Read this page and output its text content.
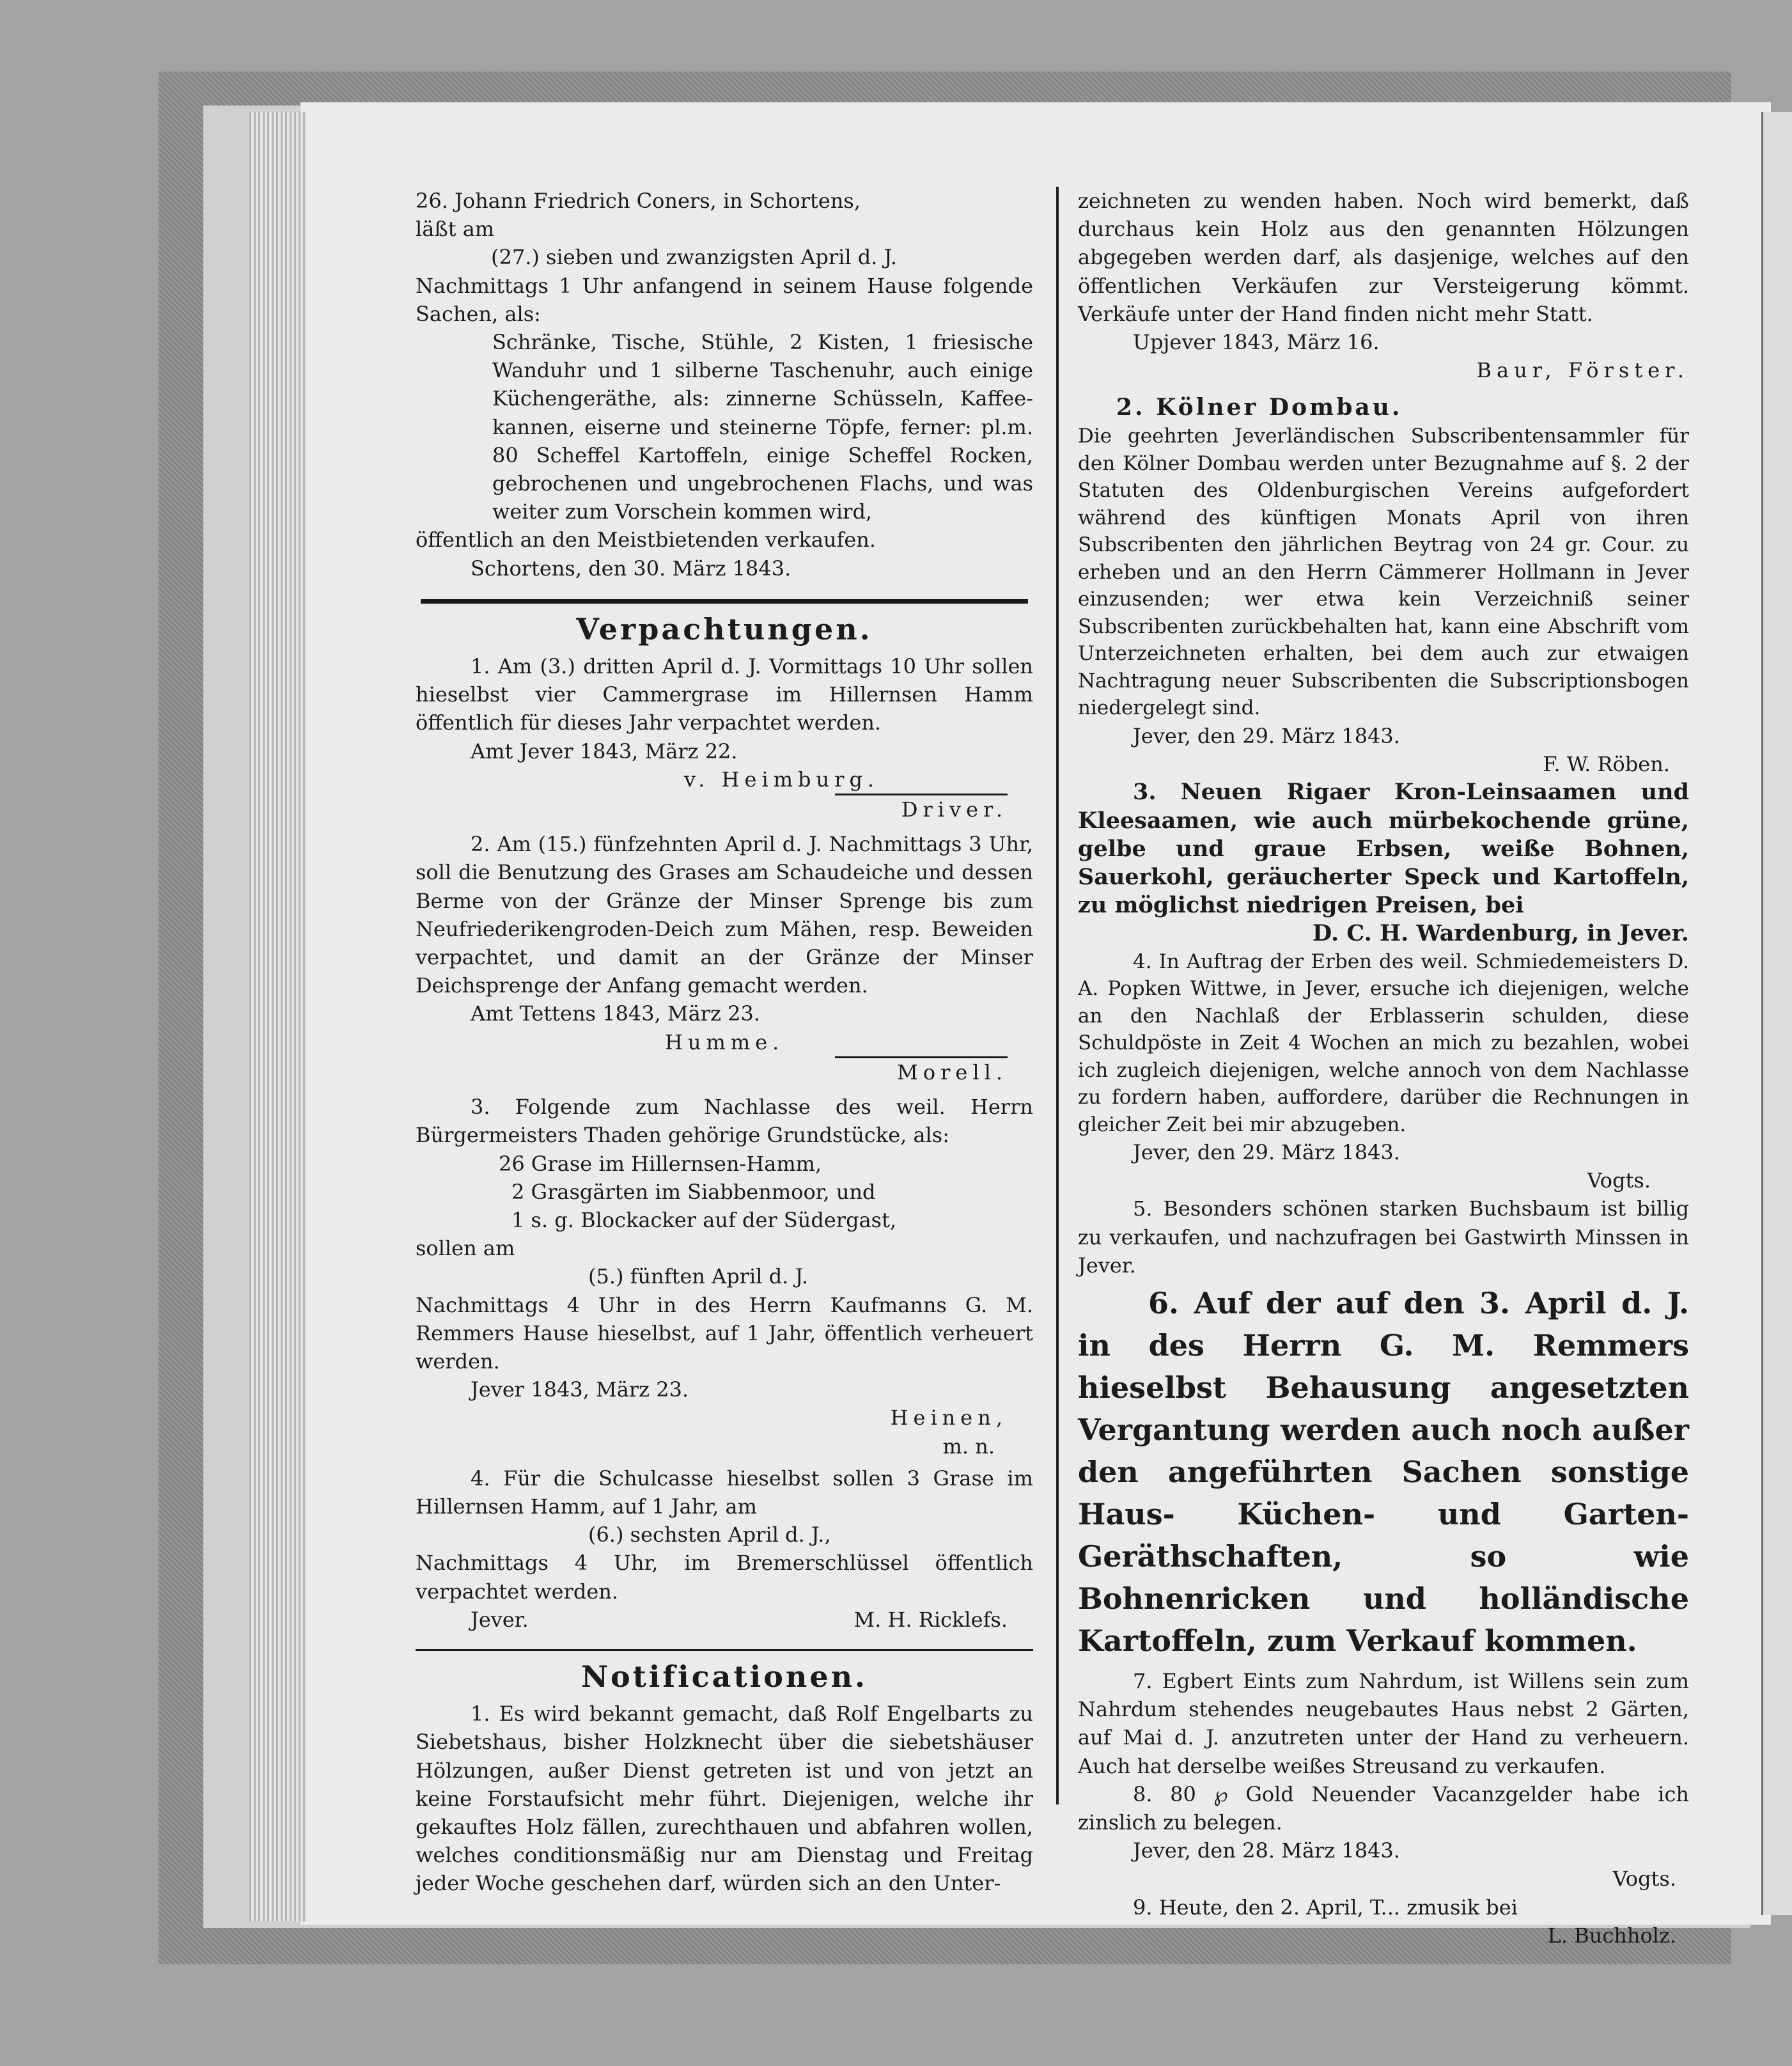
26. Johann Friedrich Coners, in Schortens,

läßt am

(27.) sieben und zwanzigsten April d. J.

Nachmittags 1 Uhr anfangend in seinem Hause folgende Sachen, als:

Schränke, Tische, Stühle, 2 Kisten, 1 friesische Wanduhr und 1 silberne Taschenuhr, auch einige Küchengeräthe, als: zinnerne Schüsseln, Kaffee-kannen, eiserne und steinerne Töpfe, ferner: pl.m. 80 Scheffel Kartoffeln, einige Scheffel Rocken, gebrochenen und ungebrochenen Flachs, und was weiter zum Vorschein kommen wird,

öffentlich an den Meistbietenden verkaufen.

Schortens, den 30. März 1843.

Verpachtungen.

1. Am (3.) dritten April d. J. Vormittags 10 Uhr sollen hieselbst vier Cammergrase im Hillernsen Hamm öffentlich für dieses Jahr verpachtet werden.

Amt Jever 1843, März 22.

v. Heimburg.

Driver.

2. Am (15.) fünfzehnten April d. J. Nachmittags 3 Uhr, soll die Benutzung des Grases am Schaudeiche und dessen Berme von der Gränze der Minser Sprenge bis zum Neufriederikengroden-Deich zum Mähen, resp. Beweiden verpachtet, und damit an der Gränze der Minser Deichsprenge der Anfang gemacht werden.

Amt Tettens 1843, März 23.

Humme.

Morell.

3. Folgende zum Nachlasse des weil. Herrn Bürgermeisters Thaden gehörige Grundstücke, als:

26 Grase im Hillernsen-Hamm,

2 Grasgärten im Siabbenmoor, und

1 s. g. Blockacker auf der Südergast,

sollen am

(5.) fünften April d. J.

Nachmittags 4 Uhr in des Herrn Kaufmanns G. M. Remmers Hause hieselbst, auf 1 Jahr, öffentlich verheuert werden.

Jever 1843, März 23.

Heinen,

m. n.

4. Für die Schulcasse hieselbst sollen 3 Grase im Hillernsen Hamm, auf 1 Jahr, am

(6.) sechsten April d. J.,

Nachmittags 4 Uhr, im Bremerschlüssel öffentlich verpachtet werden.

Jever.	M. H. Ricklefs.

Notificationen.

1. Es wird bekannt gemacht, daß Rolf Engelbarts zu Siebetshaus, bisher Holzknecht über die siebetshäuser Hölzungen, außer Dienst getreten ist und von jetzt an keine Forstaufsicht mehr führt. Diejenigen, welche ihr gekauftes Holz fällen, zurechthauen und abfahren wollen, welches conditionsmäßig nur am Dienstag und Freitag jeder Woche geschehen darf, würden sich an den Unter-

zeichneten zu wenden haben. Noch wird bemerkt, daß durchaus kein Holz aus den genannten Hölzungen abgegeben werden darf, als dasjenige, welches auf den öffentlichen Verkäufen zur Versteigerung kömmt. Verkäufe unter der Hand finden nicht mehr Statt.

Upjever 1843, März 16.

Baur, Förster.

2. Kölner Dombau.

Die geehrten Jeverländischen Subscribentensammler für den Kölner Dombau werden unter Bezugnahme auf §. 2 der Statuten des Oldenburgischen Vereins aufgefordert während des künftigen Monats April von ihren Subscribenten den jährlichen Beytrag von 24 gr. Cour. zu erheben und an den Herrn Cämmerer Hollmann in Jever einzusenden; wer etwa kein Verzeichniß seiner Subscribenten zurückbehalten hat, kann eine Abschrift vom Unterzeichneten erhalten, bei dem auch zur etwaigen Nachtragung neuer Subscribenten die Subscriptionsbogen niedergelegt sind.

Jever, den 29. März 1843.

F. W. Röben.

3. Neuen Rigaer Kron-Leinsaamen und Kleesaamen, wie auch mürbekochende grüne, gelbe und graue Erbsen, weiße Bohnen, Sauerkohl, geräucherter Speck und Kartoffeln, zu möglichst niedrigen Preisen, bei

D. C. H. Wardenburg, in Jever.

4. In Auftrag der Erben des weil. Schmiedemeisters D. A. Popken Wittwe, in Jever, ersuche ich diejenigen, welche an den Nachlaß der Erblasserin schulden, diese Schuldpöste in Zeit 4 Wochen an mich zu bezahlen, wobei ich zugleich diejenigen, welche annoch von dem Nachlasse zu fordern haben, auffordere, darüber die Rechnungen in gleicher Zeit bei mir abzugeben.

Jever, den 29. März 1843.

Vogts.

5. Besonders schönen starken Buchsbaum ist billig zu verkaufen, und nachzufragen bei Gastwirth Minssen in Jever.

6. Auf der auf den 3. April d. J. in des Herrn G. M. Remmers hieselbst Behausung angesetzten Vergantung werden auch noch außer den angeführten Sachen sonstige Haus- Küchen- und Garten-Geräthschaften, so wie Bohnenricken und holländische Kartoffeln, zum Verkauf kommen.

7. Egbert Eints zum Nahrdum, ist Willens sein zum Nahrdum stehendes neugebautes Haus nebst 2 Gärten, auf Mai d. J. anzutreten unter der Hand zu verheuern. Auch hat derselbe weißes Streusand zu verkaufen.

8. 80 ℘ Gold Neuender Vacanzgelder habe ich zinslich zu belegen.

Jever, den 28. März 1843.

Vogts.

9. Heute, den 2. April, T... zmusik bei

L. Buchholz.
